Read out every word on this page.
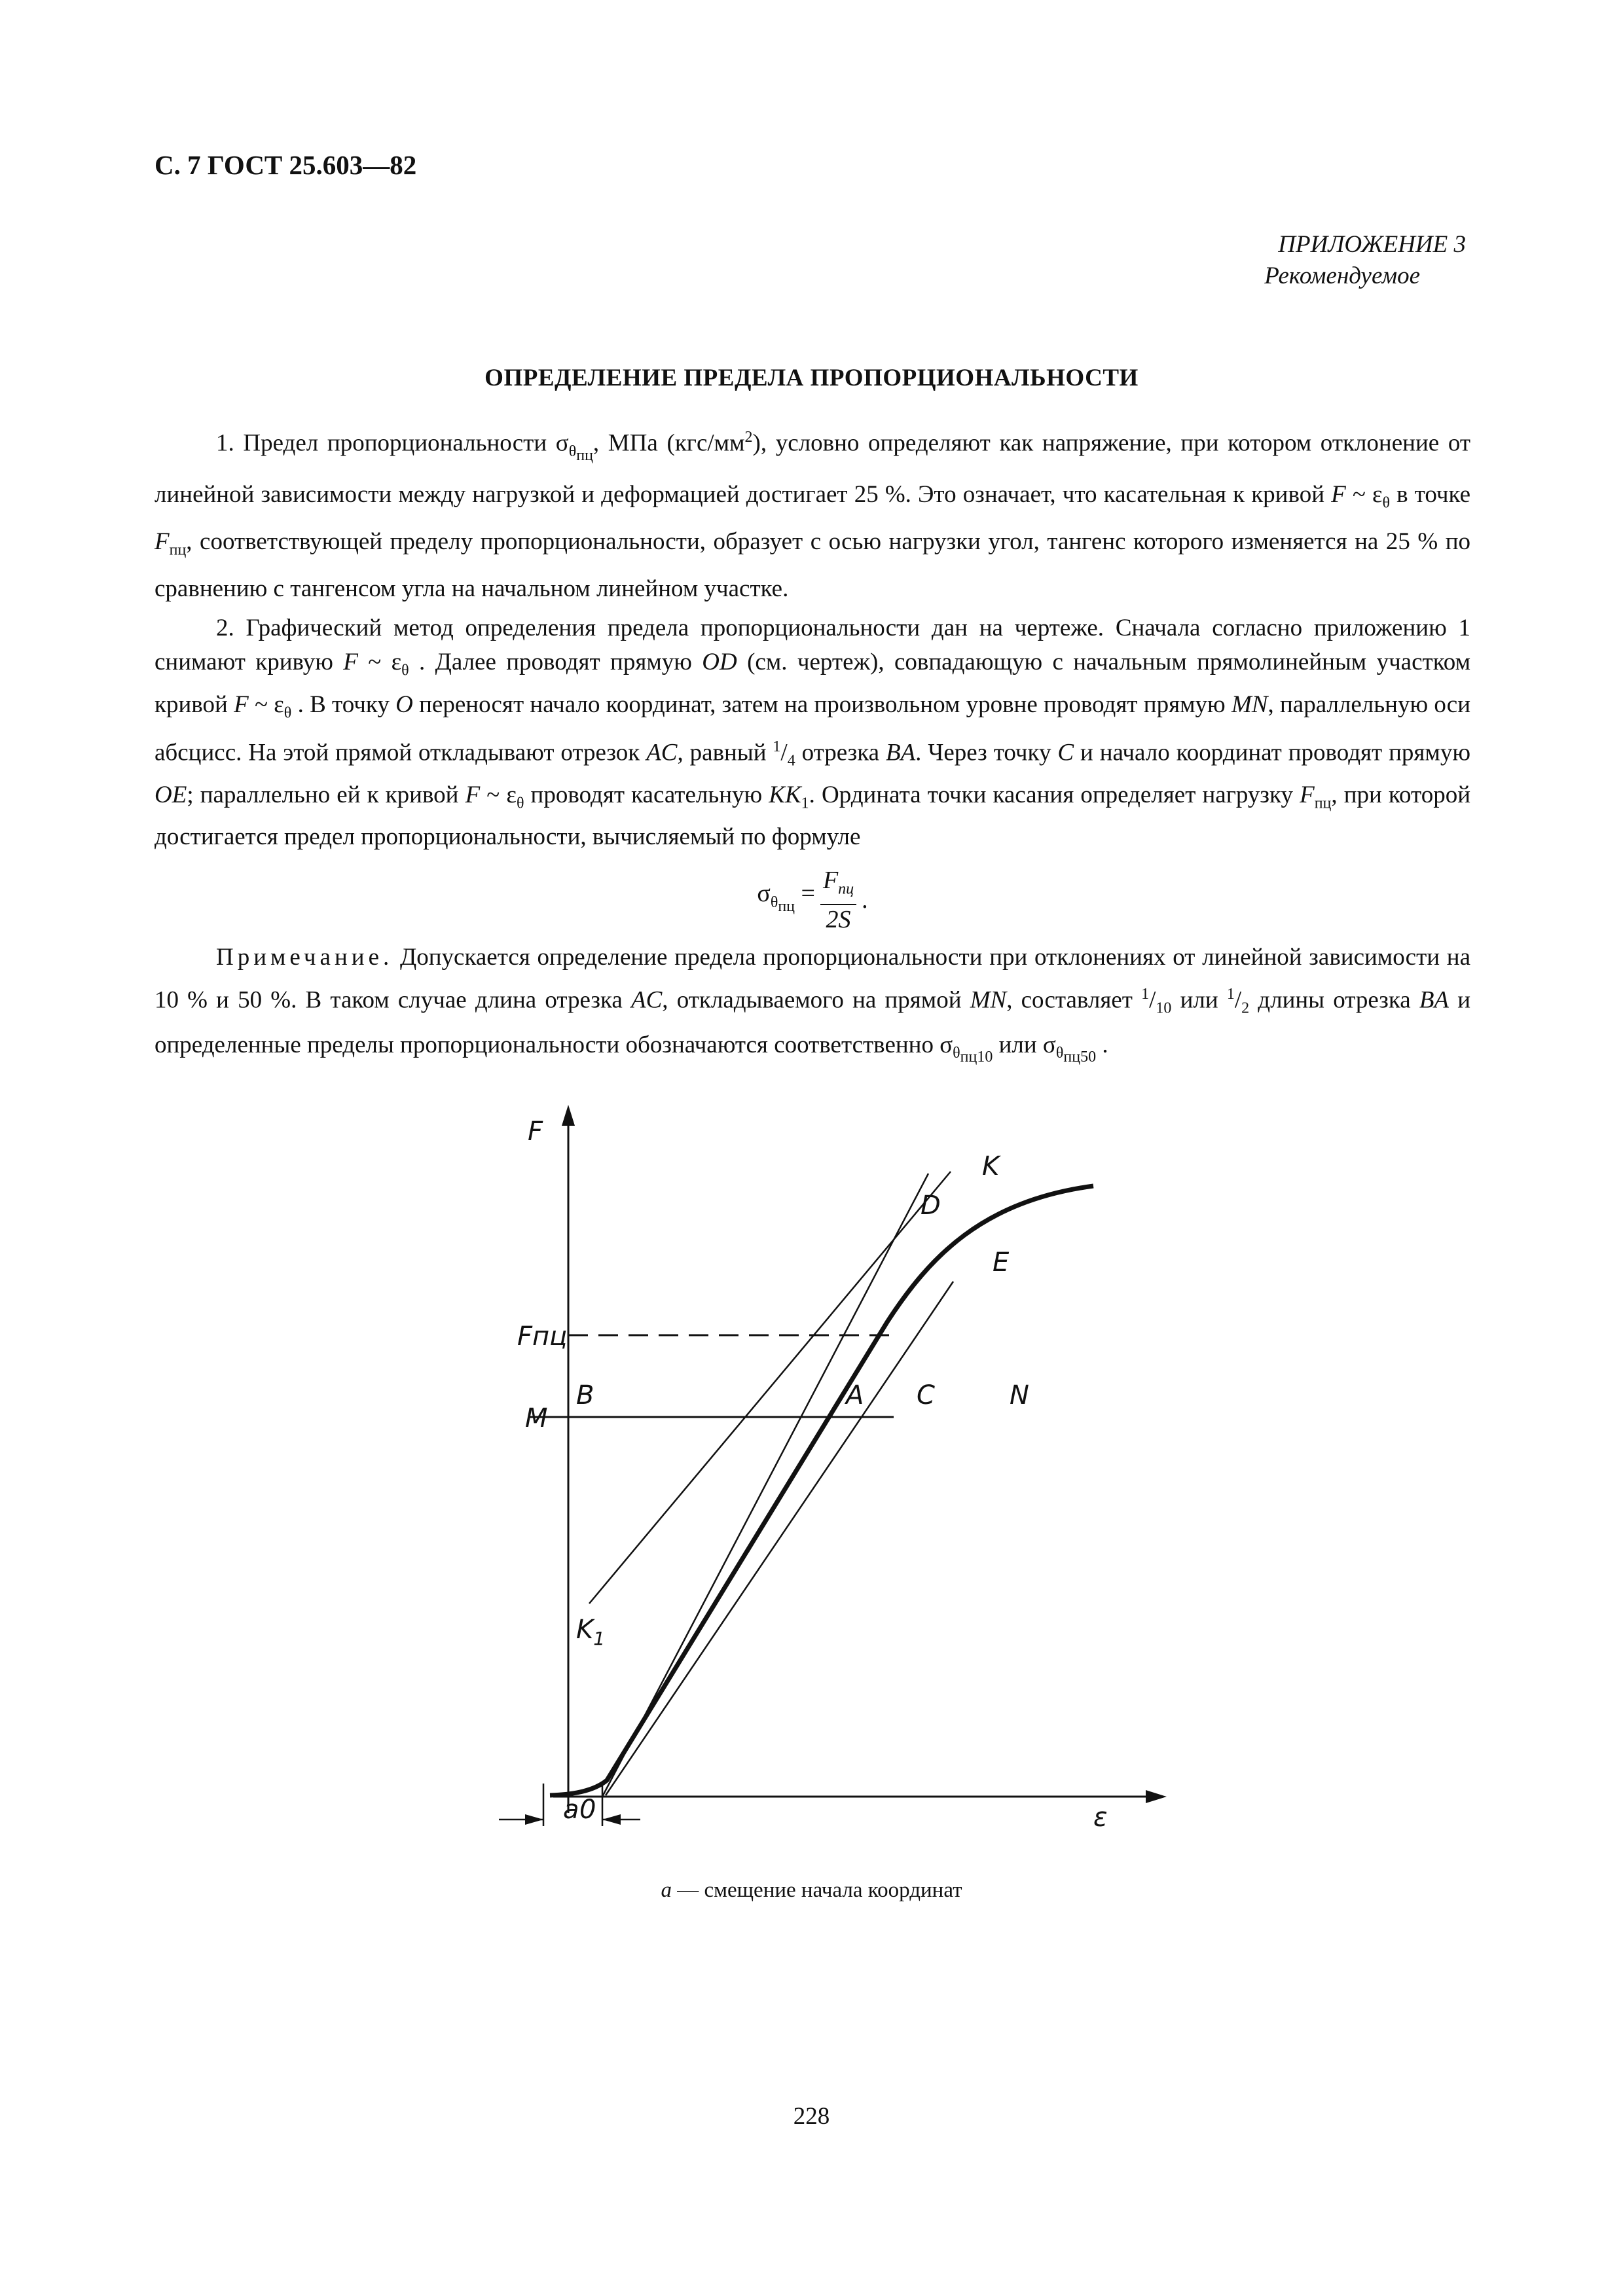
С. 7 ГОСТ 25.603—82
ПРИЛОЖЕНИЕ 3
Рекомендуемое
ОПРЕДЕЛЕНИЕ ПРЕДЕЛА ПРОПОРЦИОНАЛЬНОСТИ

1. Предел пропорциональности $\sigma_{\theta_{пц}}$, МПа $(кгс/мм^2)$, условно определяют как напряжение, при котором отклонение от линейной зависимости между нагрузкой и деформацией достигает 25 %. Это означает, что касательная к кривой F ~ $\varepsilon_\theta$ в точке $F_{пц}$, соответствующей пределу пропорциональности, образует с осью нагрузки угол, тангенс которого изменяется на 25 % по сравнению с тангенсом угла на начальном линейном участке.

2. Графический метод определения предела пропорциональности дан на чертеже. Сначала согласно приложению 1 снимают кривую F ~ $\varepsilon_\theta$ . Далее проводят прямую OD (см. чертеж), совпадающую с начальным прямолинейным участком кривой F ~ $\varepsilon_\theta$ . В точку O переносят начало координат, затем на произвольном уровне проводят прямую MN, параллельную оси абсцисс. На этой прямой откладывают отрезок AC, равный $^1/_4$ отрезка BA. Через точку C и начало координат проводят прямую OE; параллельно ей к кривой F ~ $\varepsilon_\theta$ проводят касательную $KK_1$. Ордината точки касания определяет нагрузку $F_{пц}$, при которой достигается предел пропорциональности, вычисляемый по формуле

$\sigma_{\theta_{пц}} = \frac{F_{пц}}{2S}$ .

Примечание. Допускается определение предела пропорциональности при отклонениях от линейной зависимости на 10 % и 50 %. В таком случае длина отрезка AC, откладываемого на прямой MN, составляет $^1/_{10}$ или $^1/_2$ длины отрезка BA и определенные пределы пропорциональности обозначаются соответственно $\sigma_{\theta_{пц10}}$ или $\sigma_{\theta_{пц50}}$ .

F
Fпц
M
B	A C	N
D
K
E
$K_1$
a 0	ε
a — смещение начала координат
228
